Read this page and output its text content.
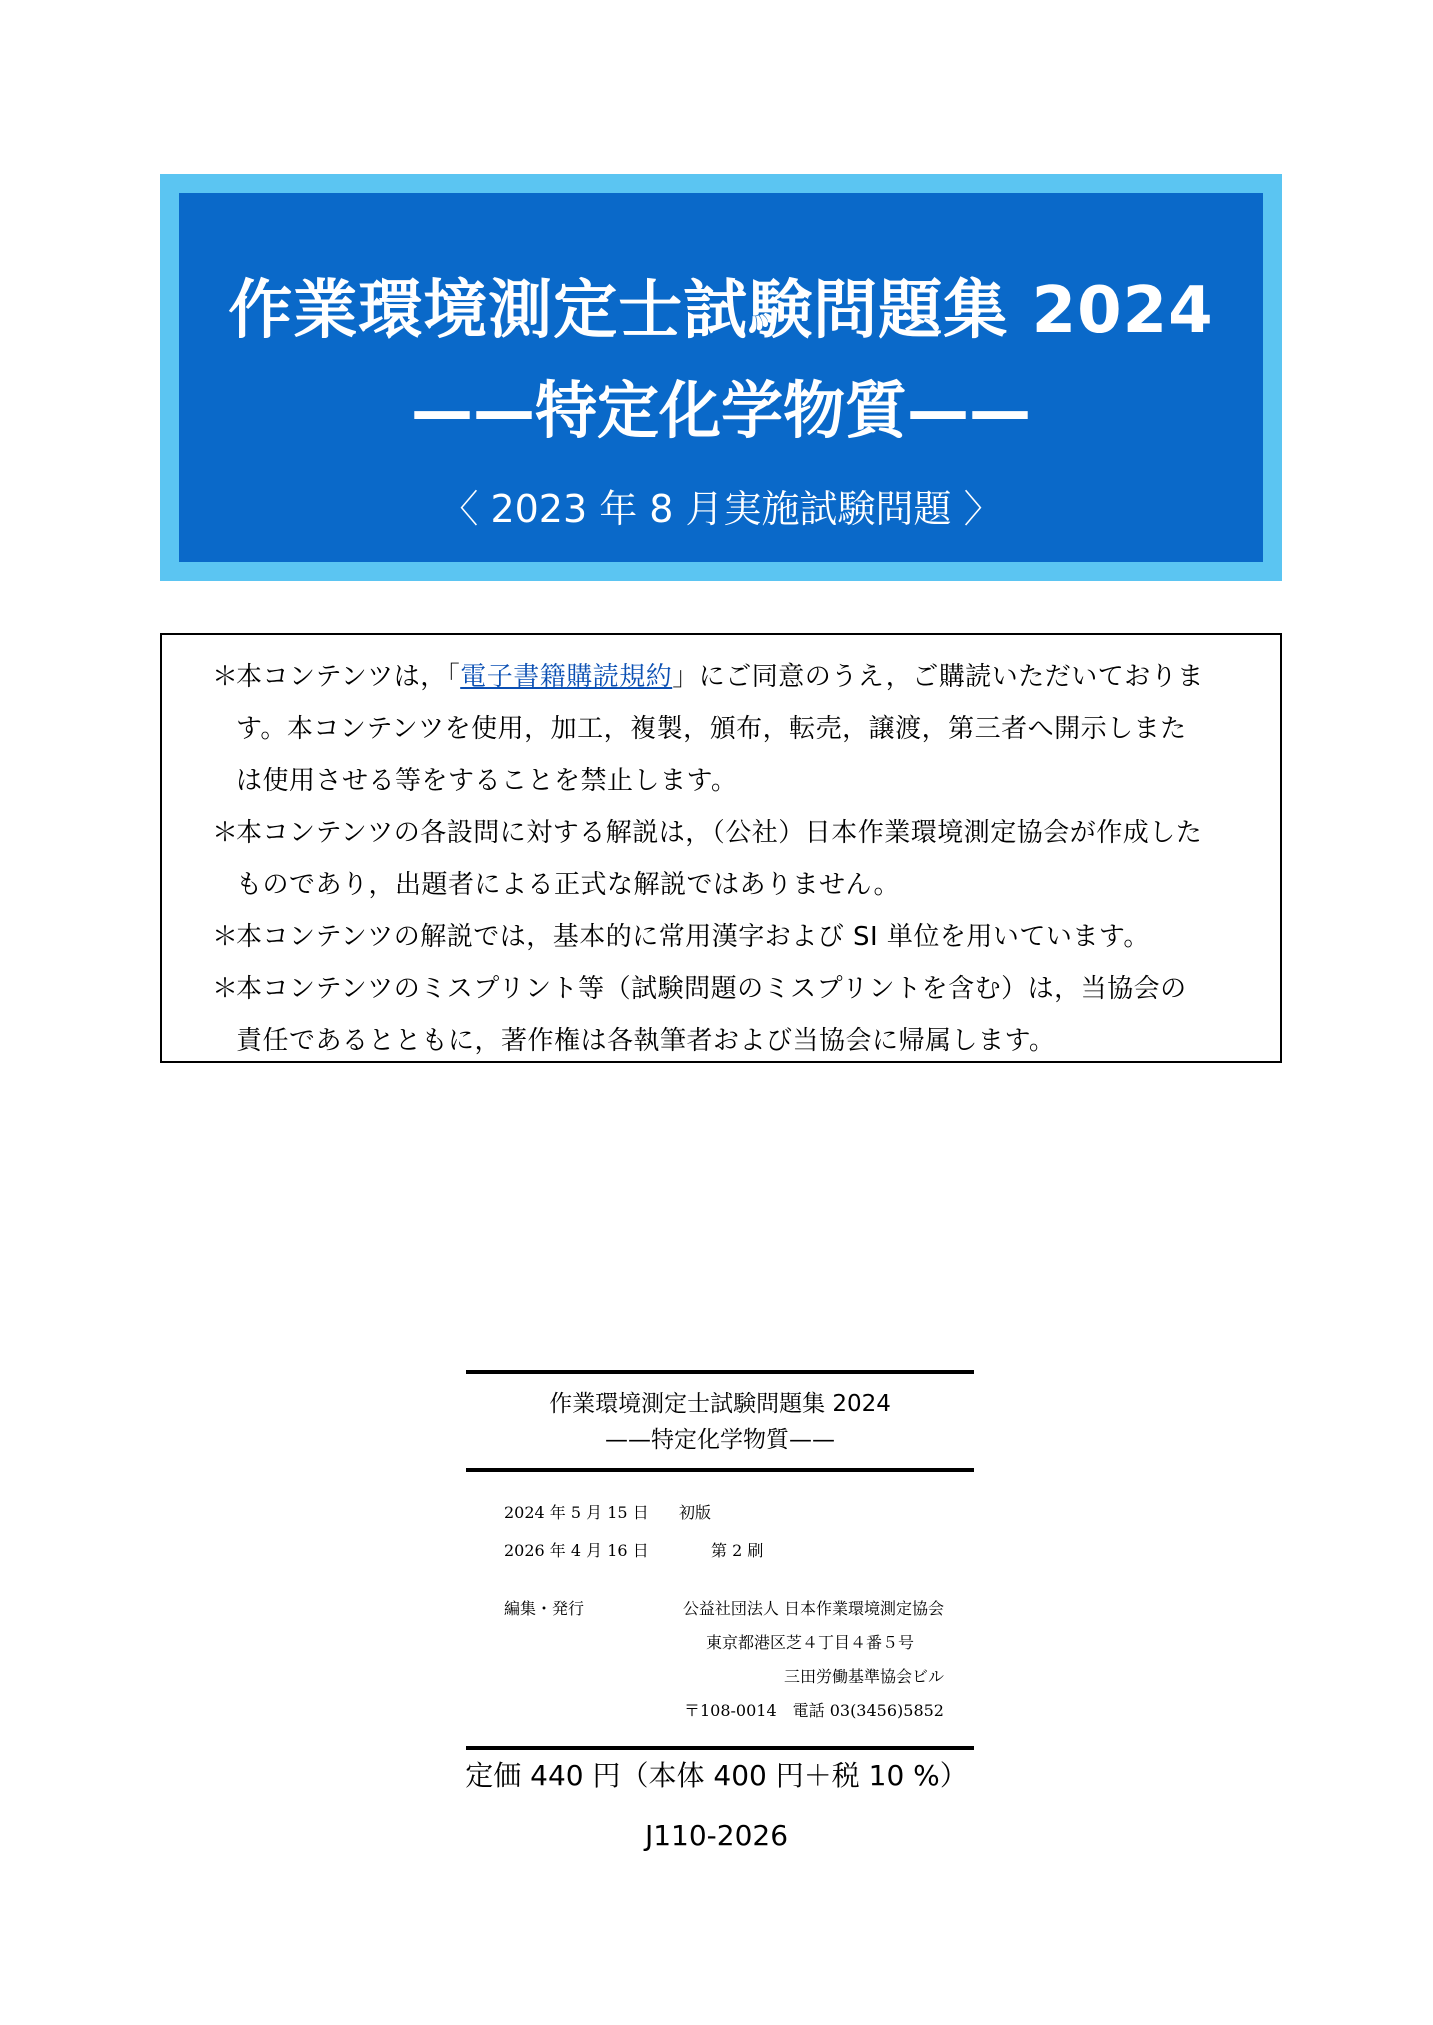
作業環境測定士試験問題集 2024
——特定化学物質——
〈 2023 年 8 月実施試験問題 〉
＊
本コンテンツは，「電子書籍購読規約」にご同意のうえ，ご購読いただいておりま
す。本コンテンツを使用，加工，複製，頒布，転売，譲渡，第三者へ開示しまた
は使用させる等をすることを禁止します。
＊
本コンテンツの各設問に対する解説は，（公社）日本作業環境測定協会が作成した
ものであり，出題者による正式な解説ではありません。
＊
本コンテンツの解説では，基本的に常用漢字および SI 単位を用いています。
＊
本コンテンツのミスプリント等（試験問題のミスプリントを含む）は，当協会の
責任であるとともに，著作権は各執筆者および当協会に帰属します。
作業環境測定士試験問題集 2024
——特定化学物質——
2024 年 5 月 15 日 初版
2026 年 4 月 16 日　　第 2 刷
編集・発行	公益社団法人 日本作業環境測定協会
東京都港区芝４丁目４番５号
三田労働基準協会ビル
〒108-0014　電話 03(3456)5852
定価 440 円（本体 400 円＋税 10 %）
J110-2026
